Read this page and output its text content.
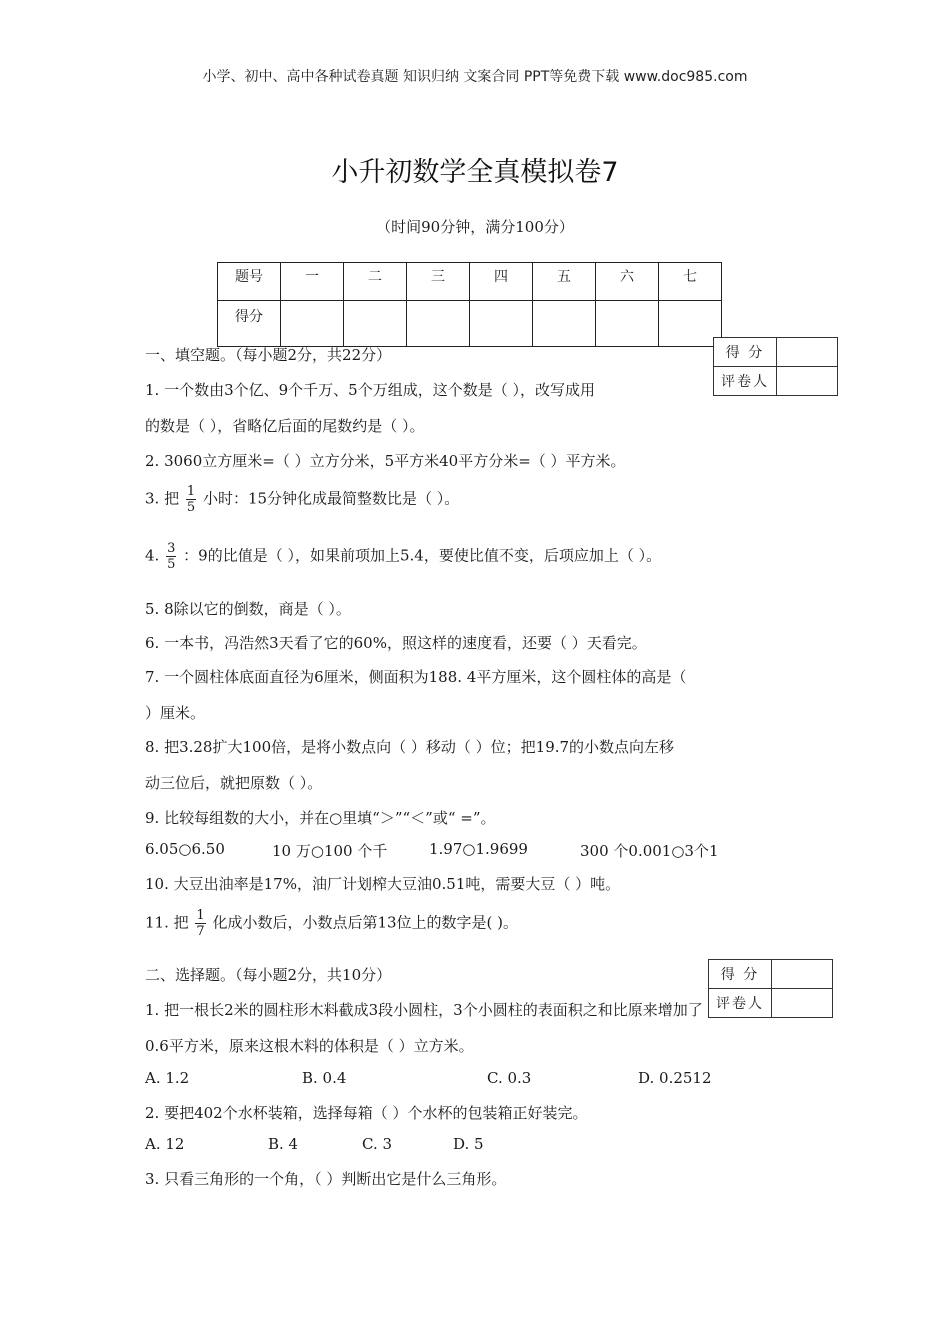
小学、初中、高中各种试卷真题 知识归纳 文案合同 PPT等免费下载 www.doc985.com
小升初数学全真模拟卷7
（时间90分钟，满分100分）
题号	一	二	三	四	五	六	七
得分							
一、填空题。（每小题2分，共22分）	得 分	
评卷人	
1. 一个数由3个亿、9个千万、5个万组成，这个数是（ ），改写成用
的数是（ ），省略亿后面的尾数约是（ ）。
2. 3060立方厘米=（ ）立方分米，5平方米40平方分米=（ ）平方米。
3. 把 $\frac{1}{5}$ 小时：15分钟化成最简整数比是（ ）。
4. $\frac{3}{5}$ ：9的比值是（ ），如果前项加上5.4，要使比值不变，后项应加上（ ）。
5. 8除以它的倒数，商是（ ）。
6. 一本书，冯浩然3天看了它的60%，照这样的速度看，还要（ ）天看完。
7. 一个圆柱体底面直径为6厘米，侧面积为188. 4平方厘米，这个圆柱体的高是（
）厘米。
8. 把3.28扩大100倍，是将小数点向（ ）移动（ ）位；把19.7的小数点向左移
动三位后，就把原数（ ）。
9. 比较每组数的大小，并在○里填“＞”“＜”或“ =”。
6.05○6.50	10 万○100 个千	1.97○1.9699	300 个0.001○3个1
10. 大豆出油率是17%，油厂计划榨大豆油0.51吨，需要大豆（ ）吨。
11. 把 $\frac{1}{7}$ 化成小数后，小数点后第13位上的数字是( )。
二、选择题。（每小题2分，共10分）
1. 把一根长2米的圆柱形木料截成3段小圆柱，3个小圆柱的表面积之和比原来增加了
得 分	
评卷人	
0.6平方米，原来这根木料的体积是（ ）立方米。
A. 1.2	B. 0.4	C. 0.3	D. 0.2512
2. 要把402个水杯装箱，选择每箱（ ）个水杯的包装箱正好装完。
A. 12	B. 4	C. 3	D. 5
3. 只看三角形的一个角，（ ）判断出它是什么三角形。
